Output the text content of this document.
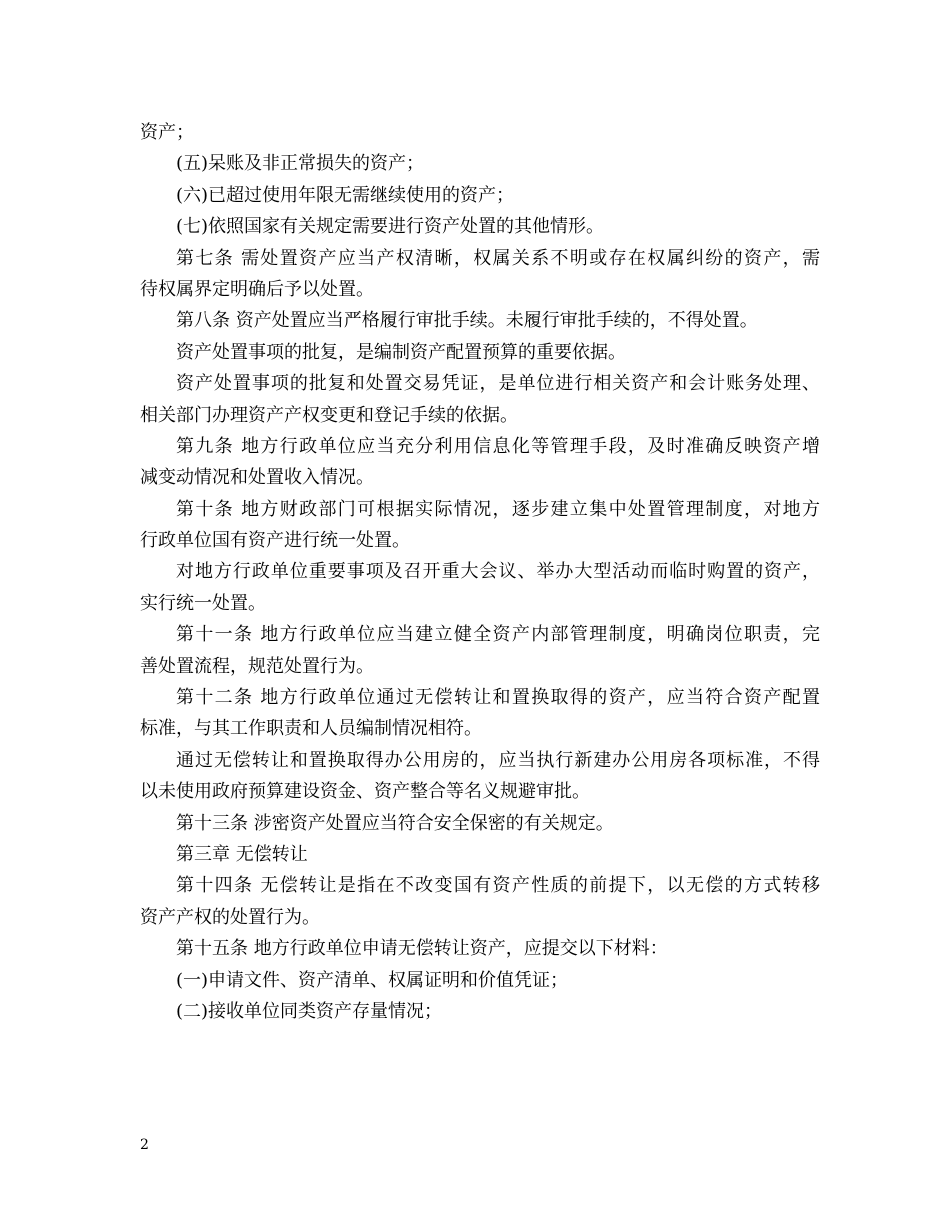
资产；
(五)呆账及非正常损失的资产；
(六)已超过使用年限无需继续使用的资产；
(七)依照国家有关规定需要进行资产处置的其他情形。
第七条 需处置资产应当产权清晰，权属关系不明或存在权属纠纷的资产，需
待权属界定明确后予以处置。
第八条 资产处置应当严格履行审批手续。未履行审批手续的，不得处置。
资产处置事项的批复，是编制资产配置预算的重要依据。
资产处置事项的批复和处置交易凭证，是单位进行相关资产和会计账务处理、
相关部门办理资产产权变更和登记手续的依据。
第九条 地方行政单位应当充分利用信息化等管理手段，及时准确反映资产增
减变动情况和处置收入情况。
第十条 地方财政部门可根据实际情况，逐步建立集中处置管理制度，对地方
行政单位国有资产进行统一处置。
对地方行政单位重要事项及召开重大会议、举办大型活动而临时购置的资产，
实行统一处置。
第十一条 地方行政单位应当建立健全资产内部管理制度，明确岗位职责，完
善处置流程，规范处置行为。
第十二条 地方行政单位通过无偿转让和置换取得的资产，应当符合资产配置
标准，与其工作职责和人员编制情况相符。
通过无偿转让和置换取得办公用房的，应当执行新建办公用房各项标准，不得
以未使用政府预算建设资金、资产整合等名义规避审批。
第十三条 涉密资产处置应当符合安全保密的有关规定。
第三章 无偿转让
第十四条 无偿转让是指在不改变国有资产性质的前提下，以无偿的方式转移
资产产权的处置行为。
第十五条 地方行政单位申请无偿转让资产，应提交以下材料：
(一)申请文件、资产清单、权属证明和价值凭证；
(二)接收单位同类资产存量情况；
2
